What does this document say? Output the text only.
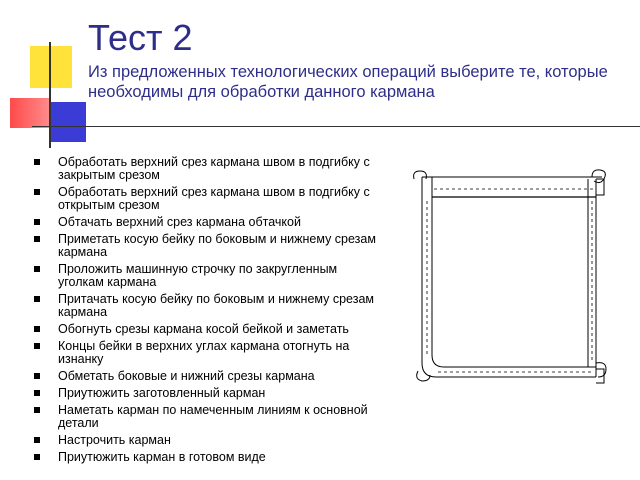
Тест 2

Из предложенных технологических операций выберите те, которые необходимы для обработки данного кармана

Обработать верхний срез кармана швом в подгибку с закрытым срезом
Обработать верхний срез кармана швом в подгибку с открытым срезом
Обтачать верхний срез кармана обтачкой
Приметать косую бейку по боковым и нижнему срезам кармана
Проложить машинную строчку по закругленным уголкам кармана
Притачать косую бейку по боковым и нижнему срезам кармана
Обогнуть срезы кармана косой бейкой и заметать
Концы бейки в верхних углах кармана отогнуть на изнанку
Обметать боковые и нижний срезы кармана
Приутюжить заготовленный карман
Наметать карман по намеченным линиям к основной детали
Настрочить карман
Приутюжить карман в готовом виде
